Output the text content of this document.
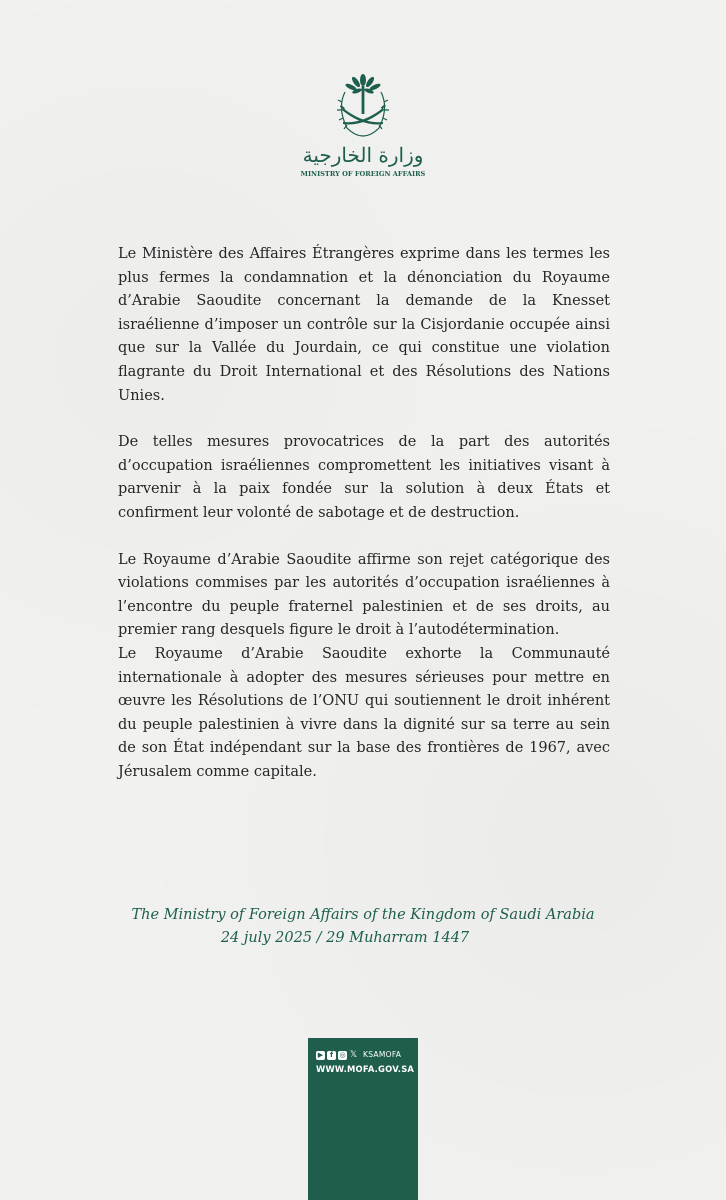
وزارة الخارجية
MINISTRY OF FOREIGN AFFAIRS

Le Ministère des Affaires Étrangères exprime dans les termes les plus fermes la condamnation et la dénonciation du Royaume d’Arabie Saoudite concernant la demande de la Knesset israélienne d’imposer un contrôle sur la Cisjordanie occupée ainsi que sur la Vallée du Jourdain, ce qui constitue une violation flagrante du Droit International et des Résolutions des Nations Unies.

De telles mesures provocatrices de la part des autorités d’occupation israéliennes compromettent les initiatives visant à parvenir à la paix fondée sur la solution à deux États et confirment leur volonté de sabotage et de destruction.

Le Royaume d’Arabie Saoudite affirme son rejet catégorique des violations commises par les autorités d’occupation israéliennes à l’encontre du peuple fraternel palestinien et de ses droits, au premier rang desquels figure le droit à l’autodétermination.

Le Royaume d’Arabie Saoudite exhorte la Communauté internationale à adopter des mesures sérieuses pour mettre en œuvre les Résolutions de l’ONU qui soutiennent le droit inhérent du peuple palestinien à vivre dans la dignité sur sa terre au sein de son État indépendant sur la base des frontières de 1967, avec Jérusalem comme capitale.

The Ministry of Foreign Affairs of the Kingdom of Saudi Arabia
24 july 2025 / 29 Muharram 1447
▶ f ◎ 𝕏 KSAMOFA
WWW.MOFA.GOV.SA
